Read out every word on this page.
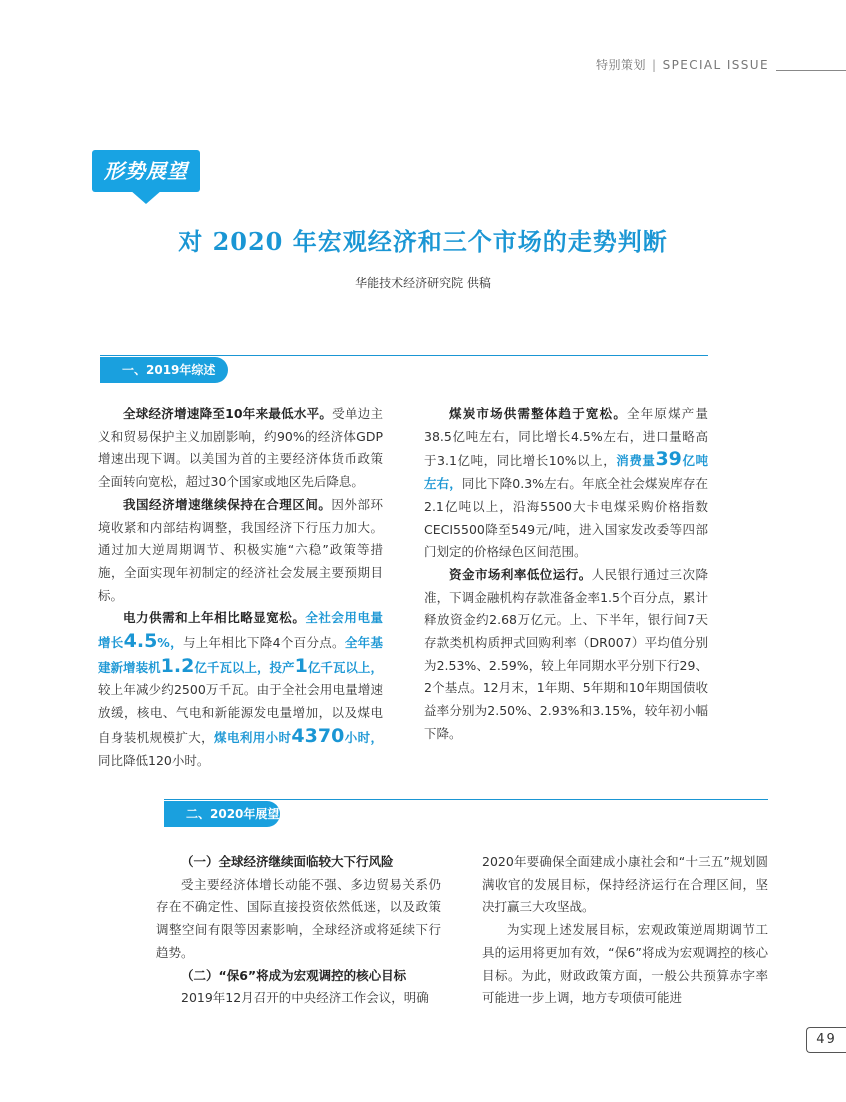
特别策划 | SPECIAL ISSUE
形势展望
对 2020 年宏观经济和三个市场的走势判断
华能技术经济研究院 供稿
一、2019年综述

全球经济增速降至10年来最低水平。受单边主义和贸易保护主义加剧影响，约90%的经济体GDP增速出现下调。以美国为首的主要经济体货币政策全面转向宽松，超过30个国家或地区先后降息。

我国经济增速继续保持在合理区间。因外部环境收紧和内部结构调整，我国经济下行压力加大。通过加大逆周期调节、积极实施“六稳”政策等措施，全面实现年初制定的经济社会发展主要预期目标。

电力供需和上年相比略显宽松。全社会用电量增长4.5%，与上年相比下降4个百分点。全年基建新增装机1.2亿千瓦以上，投产1亿千瓦以上，较上年减少约2500万千瓦。由于全社会用电量增速放缓，核电、气电和新能源发电量增加，以及煤电自身装机规模扩大，煤电利用小时4370小时，同比降低120小时。

煤炭市场供需整体趋于宽松。全年原煤产量38.5亿吨左右，同比增长4.5%左右，进口量略高于3.1亿吨，同比增长10%以上，消费量39亿吨左右，同比下降0.3%左右。年底全社会煤炭库存在2.1亿吨以上，沿海5500大卡电煤采购价格指数CECI5500降至549元/吨，进入国家发改委等四部门划定的价格绿色区间范围。

资金市场利率低位运行。人民银行通过三次降准，下调金融机构存款准备金率1.5个百分点，累计释放资金约2.68万亿元。上、下半年，银行间7天存款类机构质押式回购利率（DR007）平均值分别为2.53%、2.59%，较上年同期水平分别下行29、2个基点。12月末，1年期、5年期和10年期国债收益率分别为2.50%、2.93%和3.15%，较年初小幅下降。

二、2020年展望

（一）全球经济继续面临较大下行风险

受主要经济体增长动能不强、多边贸易关系仍存在不确定性、国际直接投资依然低迷，以及政策调整空间有限等因素影响，全球经济或将延续下行趋势。

（二）“保6”将成为宏观调控的核心目标

2019年12月召开的中央经济工作会议，明确

2020年要确保全面建成小康社会和“十三五”规划圆满收官的发展目标，保持经济运行在合理区间，坚决打赢三大攻坚战。

为实现上述发展目标，宏观政策逆周期调节工具的运用将更加有效，“保6”将成为宏观调控的核心目标。为此，财政政策方面，一般公共预算赤字率可能进一步上调，地方专项债可能进

49
